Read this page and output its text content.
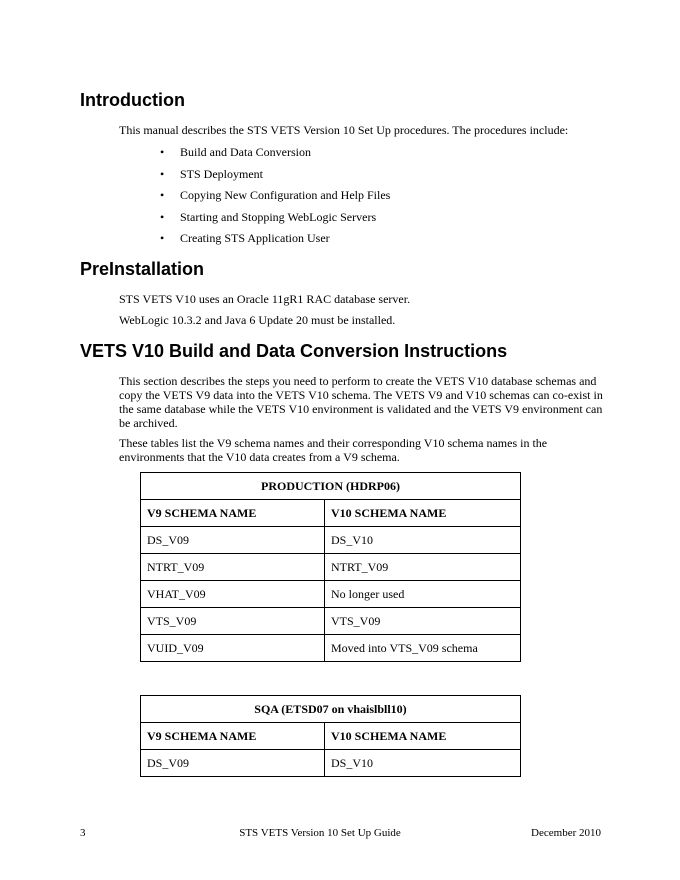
Introduction

This manual describes the STS VETS Version 10 Set Up procedures. The procedures include:

• Build and Data Conversion
• STS Deployment
• Copying New Configuration and Help Files
• Starting and Stopping WebLogic Servers
• Creating STS Application User
PreInstallation

STS VETS V10 uses an Oracle 11gR1 RAC database server.

WebLogic 10.3.2 and Java 6 Update 20 must be installed.

VETS V10 Build and Data Conversion Instructions

This section describes the steps you need to perform to create the VETS V10 database schemas and copy the VETS V9 data into the VETS V10 schema. The VETS V9 and V10 schemas can co-exist in the same database while the VETS V10 environment is validated and the VETS V9 environment can be archived.

These tables list the V9 schema names and their corresponding V10 schema names in the environments that the V10 data creates from a V9 schema.

PRODUCTION (HDRP06)	
V9 SCHEMA NAME	V10 SCHEMA NAME
DS_V09	DS_V10
NTRT_V09	NTRT_V09
VHAT_V09	No longer used
VTS_V09	VTS_V09
VUID_V09	Moved into VTS_V09 schema
SQA (ETSD07 on vhaislbll10)	
V9 SCHEMA NAME	V10 SCHEMA NAME
DS_V09	DS_V10
3	STS VETS Version 10 Set Up Guide	December 2010
